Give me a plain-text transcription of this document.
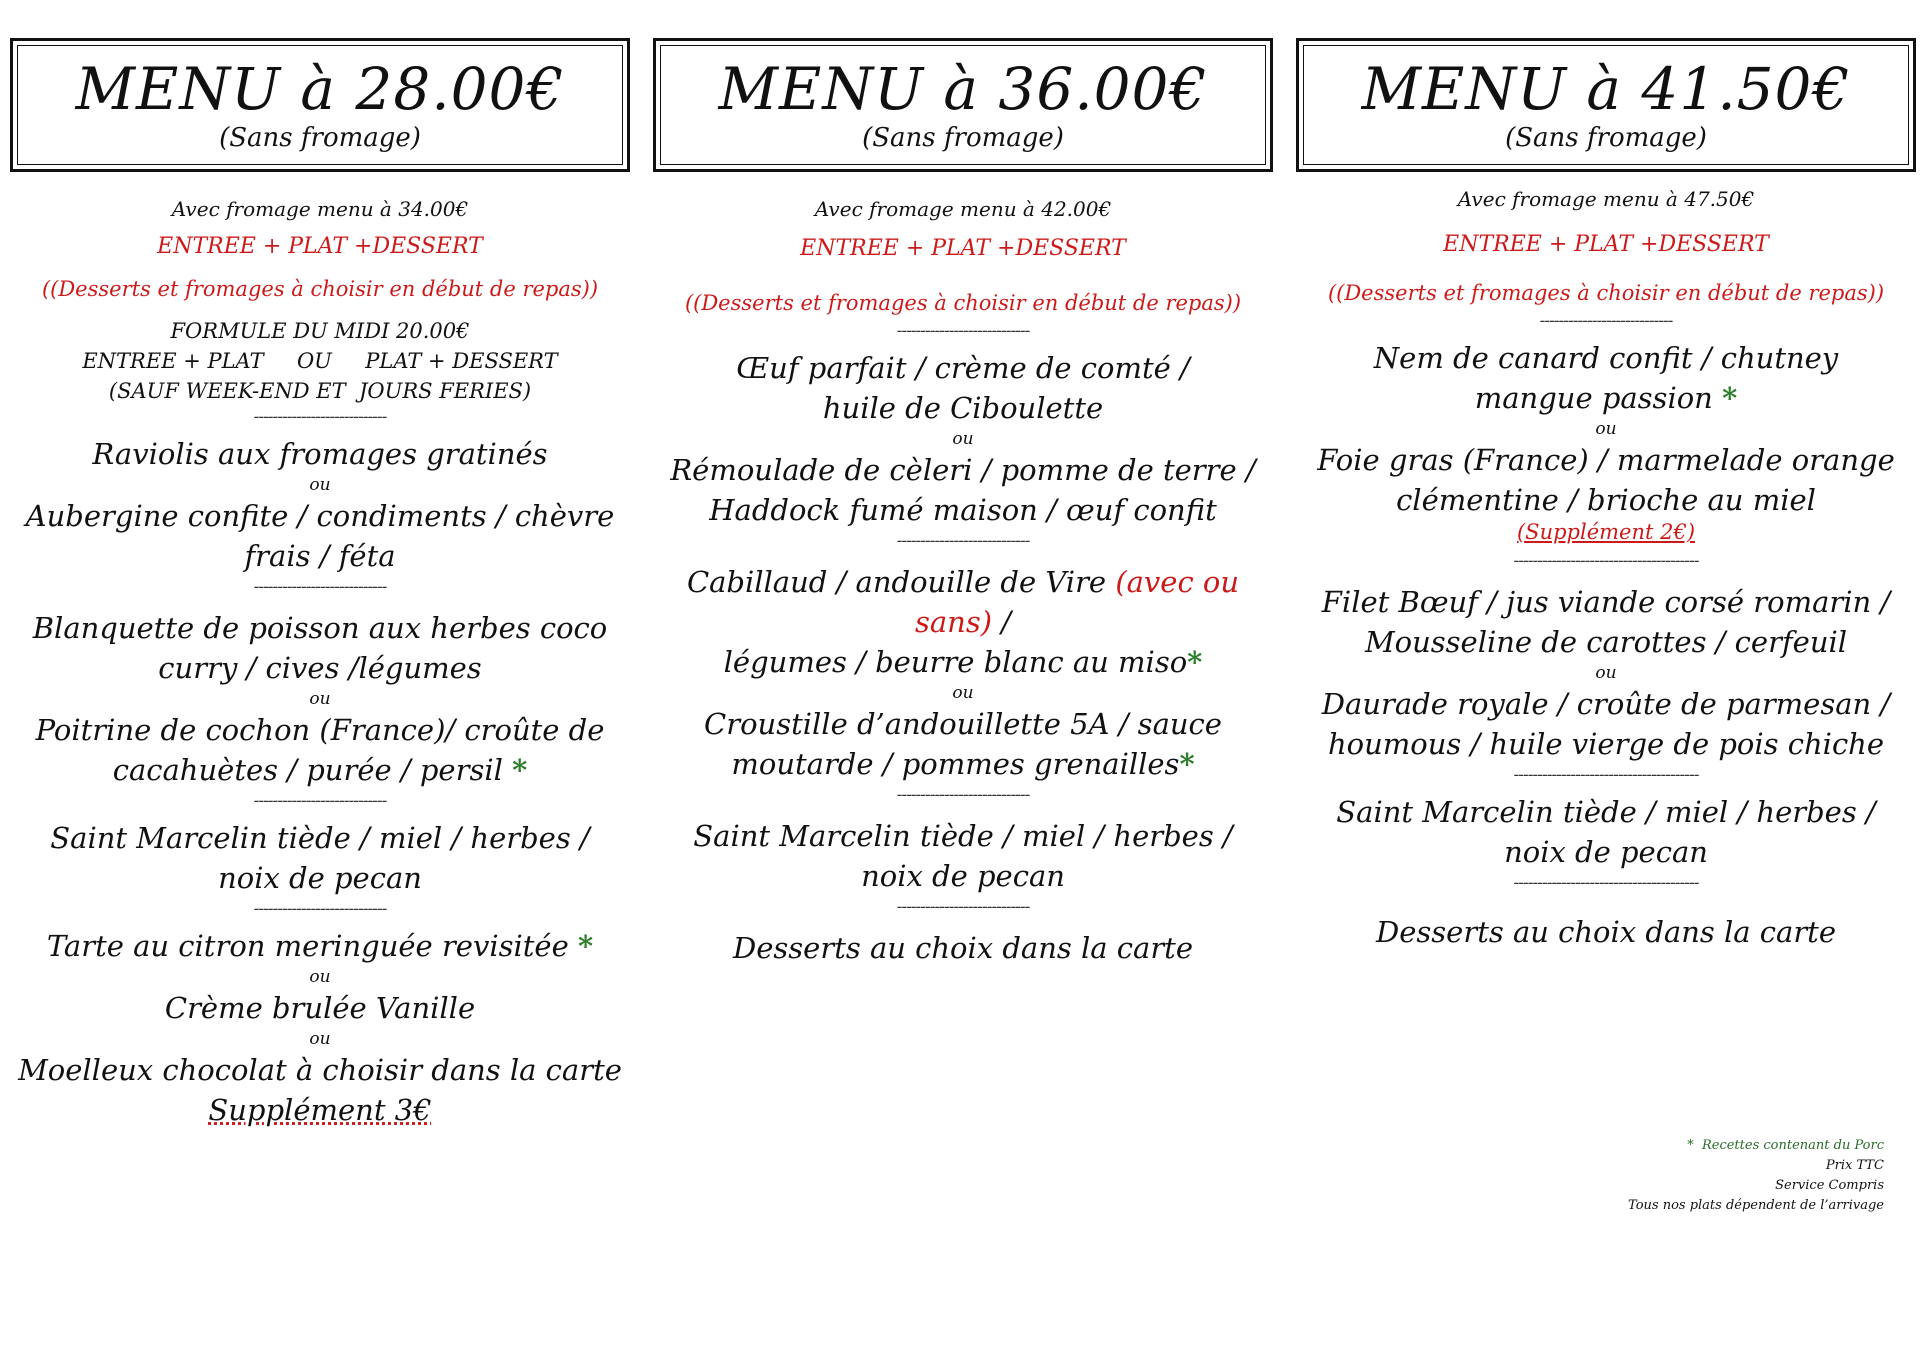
MENU à 28.00€
(Sans fromage)
Avec fromage menu à 34.00€
ENTREE + PLAT +DESSERT
((Desserts et fromages à choisir en début de repas))
FORMULE DU MIDI 20.00€
ENTREE + PLAT     OU     PLAT + DESSERT
(SAUF WEEK-END ET  JOURS FERIES)
----------------------------
Raviolis aux fromages gratinés
ou
Aubergine confite / condiments / chèvre
frais / féta
----------------------------
Blanquette de poisson aux herbes coco
curry / cives /légumes
ou
Poitrine de cochon (France)/ croûte de
cacahuètes / purée / persil *
----------------------------
Saint Marcelin tiède / miel / herbes /
noix de pecan
----------------------------
Tarte au citron meringuée revisitée *
ou
Crème brulée Vanille
ou
Moelleux chocolat à choisir dans la carte
Supplément 3€
MENU à 36.00€
(Sans fromage)
Avec fromage menu à 42.00€
ENTREE + PLAT +DESSERT
((Desserts et fromages à choisir en début de repas))
----------------------------
Œuf parfait / crème de comté /
huile de Ciboulette
ou
Rémoulade de cèleri / pomme de terre /
Haddock fumé maison / œuf confit
----------------------------
Cabillaud / andouille de Vire (avec ou sans) /
légumes / beurre blanc au miso*
ou
Croustille d’andouillette 5A / sauce
moutarde / pommes grenailles*
----------------------------
Saint Marcelin tiède / miel / herbes /
noix de pecan
----------------------------
Desserts au choix dans la carte
MENU à 41.50€
(Sans fromage)
Avec fromage menu à 47.50€
ENTREE + PLAT +DESSERT
((Desserts et fromages à choisir en début de repas))
----------------------------
Nem de canard confit / chutney
mangue passion *
ou
Foie gras (France) / marmelade orange
clémentine / brioche au miel
(Supplément 2€)
---------------------------------------
Filet Bœuf / jus viande corsé romarin /
Mousseline de carottes / cerfeuil
ou
Daurade royale / croûte de parmesan /
houmous / huile vierge de pois chiche
---------------------------------------
Saint Marcelin tiède / miel / herbes /
noix de pecan
---------------------------------------
Desserts au choix dans la carte
* Recettes contenant du Porc
Prix TTC
Service Compris
Tous nos plats dépendent de l’arrivage
